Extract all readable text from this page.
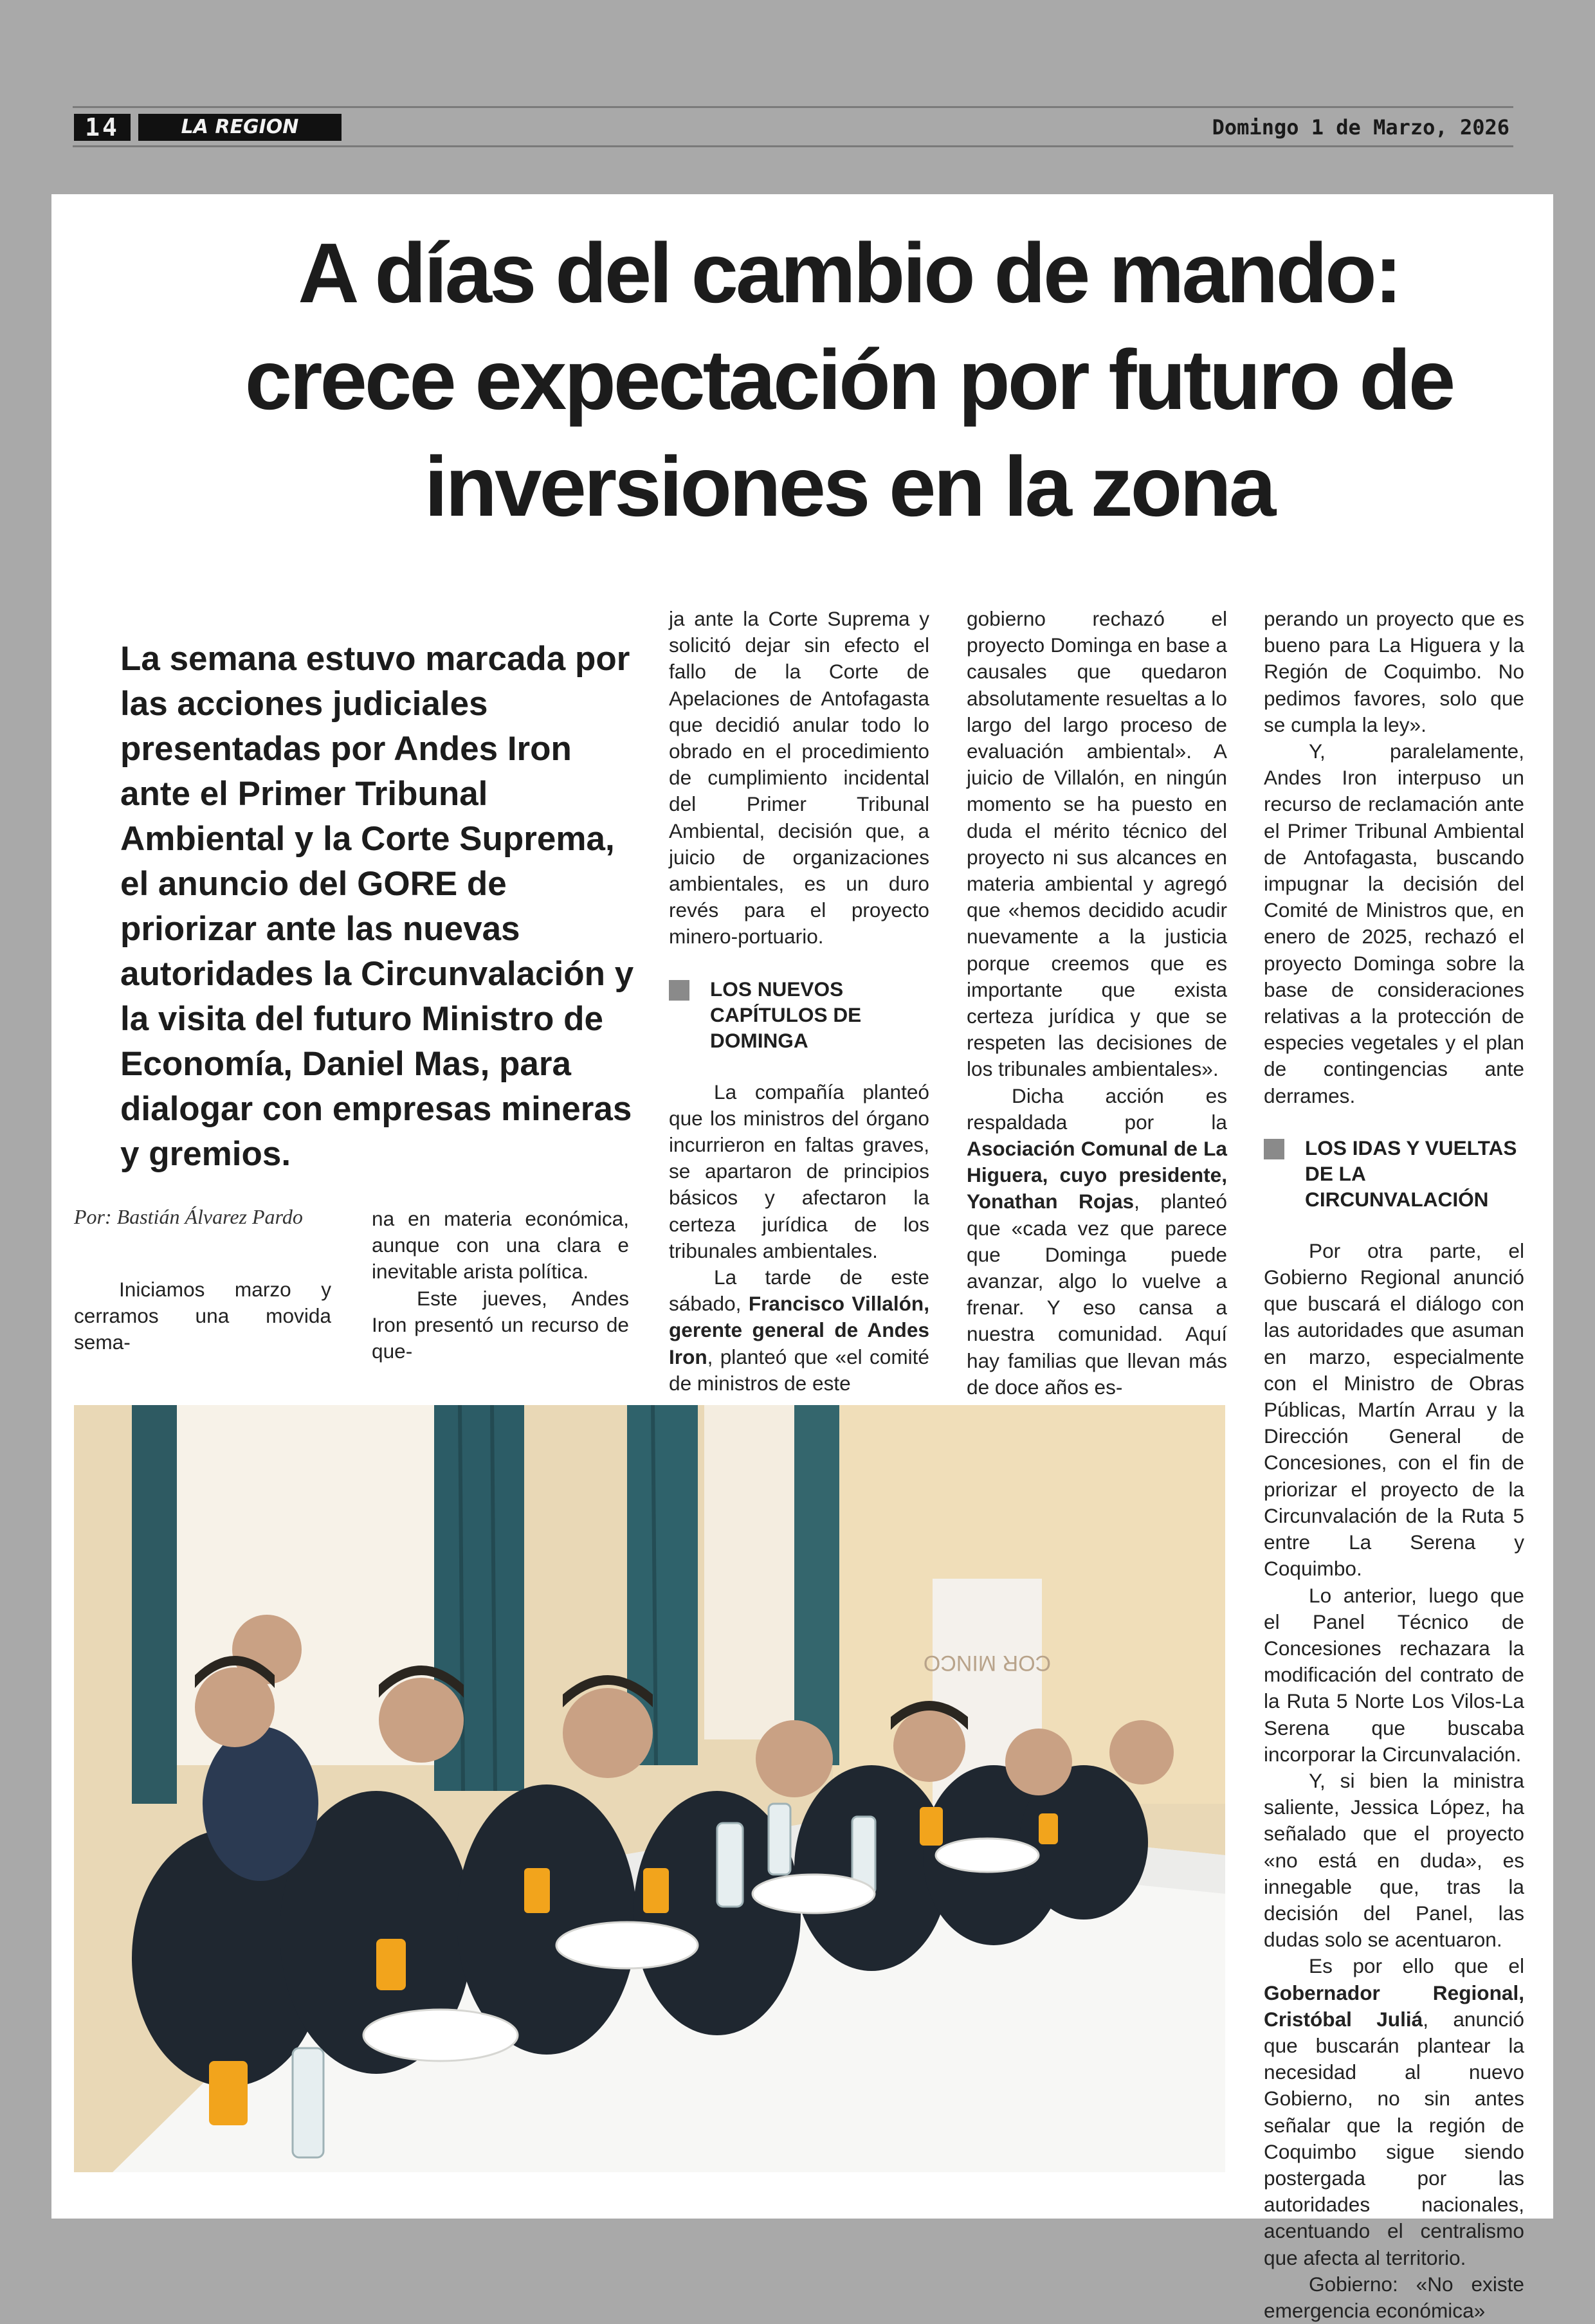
14	LA REGION	Domingo 1 de Marzo, 2026
A días del cambio de mando: crece expectación por futuro de inversiones en la zona

La semana estuvo marcada por las acciones judiciales presentadas por Andes Iron ante el Primer Tribunal Ambiental y la Corte Suprema, el anuncio del GORE de priorizar ante las nuevas autoridades la Circunvalación y la visita del futuro Ministro de Economía, Daniel Mas, para dialogar con empresas mineras y gremios.

Por: Bastián Álvarez Pardo

Iniciamos marzo y cerramos una movida sema-

na en materia económica, aunque con una clara e inevitable arista política.

Este jueves, Andes Iron presentó un recurso de que-

ja ante la Corte Suprema y solicitó dejar sin efecto el fallo de la Corte de Apelaciones de Antofagasta que decidió anular todo lo obrado en el procedimiento de cumplimiento incidental del Primer Tribunal Ambiental, decisión que, a juicio de organizaciones ambientales, es un duro revés para el proyecto minero-portuario.

LOS NUEVOS CAPÍTULOS DE DOMINGA

La compañía planteó que los ministros del órgano incurrieron en faltas graves, se apartaron de principios básicos y afectaron la certeza jurídica de los tribunales ambientales.

La tarde de este sábado, Francisco Villalón, gerente general de Andes Iron, planteó que «el comité de ministros de este

gobierno rechazó el proyecto Dominga en base a causales que quedaron absolutamente resueltas a lo largo del largo proceso de evaluación ambiental». A juicio de Villalón, en ningún momento se ha puesto en duda el mérito técnico del proyecto ni sus alcances en materia ambiental y agregó que «hemos decidido acudir nuevamente a la justicia porque creemos que es importante que exista certeza jurídica y que se respeten las decisiones de los tribunales ambientales».

Dicha acción es respaldada por la Asociación Comunal de La Higuera, cuyo presidente, Yonathan Rojas, planteó que «cada vez que parece que Dominga puede avanzar, algo lo vuelve a frenar. Y eso cansa a nuestra comunidad. Aquí hay familias que llevan más de doce años es-

perando un proyecto que es bueno para La Higuera y la Región de Coquimbo. No pedimos favores, solo que se cumpla la ley».

Y, paralelamente, Andes Iron interpuso un recurso de reclamación ante el Primer Tribunal Ambiental de Antofagasta, buscando impugnar la decisión del Comité de Ministros que, en enero de 2025, rechazó el proyecto Dominga sobre la base de consideraciones relativas a la protección de especies vegetales y el plan de contingencias ante derrames.

LOS IDAS Y VUELTAS DE LA CIRCUNVALACIÓN

Por otra parte, el Gobierno Regional anunció que buscará el diálogo con las autoridades que asuman en marzo, especialmente con el Ministro de Obras Públicas, Martín Arrau y la Dirección General de Concesiones, con el fin de priorizar el proyecto de la Circunvalación de la Ruta 5 entre La Serena y Coquimbo.

Lo anterior, luego que el Panel Técnico de Concesiones rechazara la modificación del contrato de la Ruta 5 Norte Los Vilos-La Serena que buscaba incorporar la Circunvalación.

Y, si bien la ministra saliente, Jessica López, ha señalado que el proyecto «no está en duda», es innegable que, tras la decisión del Panel, las dudas solo se acentuaron.

Es por ello que el Gobernador Regional, Cristóbal Juliá, anunció que buscarán plantear la necesidad al nuevo Gobierno, no sin antes señalar que la región de Coquimbo sigue siendo postergada por las autoridades nacionales, acentuando el centralismo que afecta al territorio.

Gobierno: «No existe emergencia económica»

COR MINCO
